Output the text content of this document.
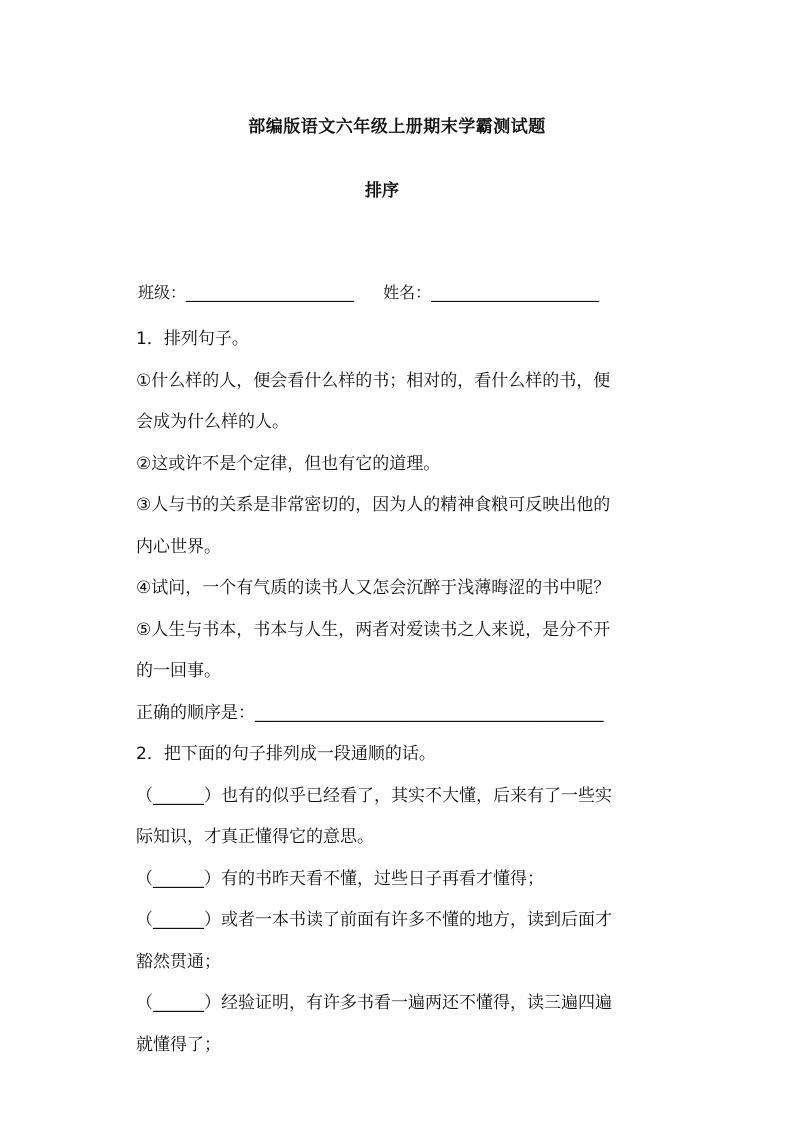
部编版语文六年级上册期末学霸测试题
排序
班级：_____________________ 姓名：_____________________
1．排列句子。
①什么样的人，便会看什么样的书；相对的，看什么样的书，便
会成为什么样的人。
②这或许不是个定律，但也有它的道理。
③人与书的关系是非常密切的，因为人的精神食粮可反映出他的
内心世界。
④试问，一个有气质的读书人又怎会沉醉于浅薄晦涩的书中呢？
⑤人生与书本，书本与人生，两者对爱读书之人来说，是分不开
的一回事。
正确的顺序是：_________________________________________
2．把下面的句子排列成一段通顺的话。
（______）也有的似乎已经看了，其实不大懂，后来有了一些实
际知识，才真正懂得它的意思。
（______）有的书昨天看不懂，过些日子再看才懂得；
（______）或者一本书读了前面有许多不懂的地方，读到后面才
豁然贯通；
（______）经验证明，有许多书看一遍两还不懂得，读三遍四遍
就懂得了；
